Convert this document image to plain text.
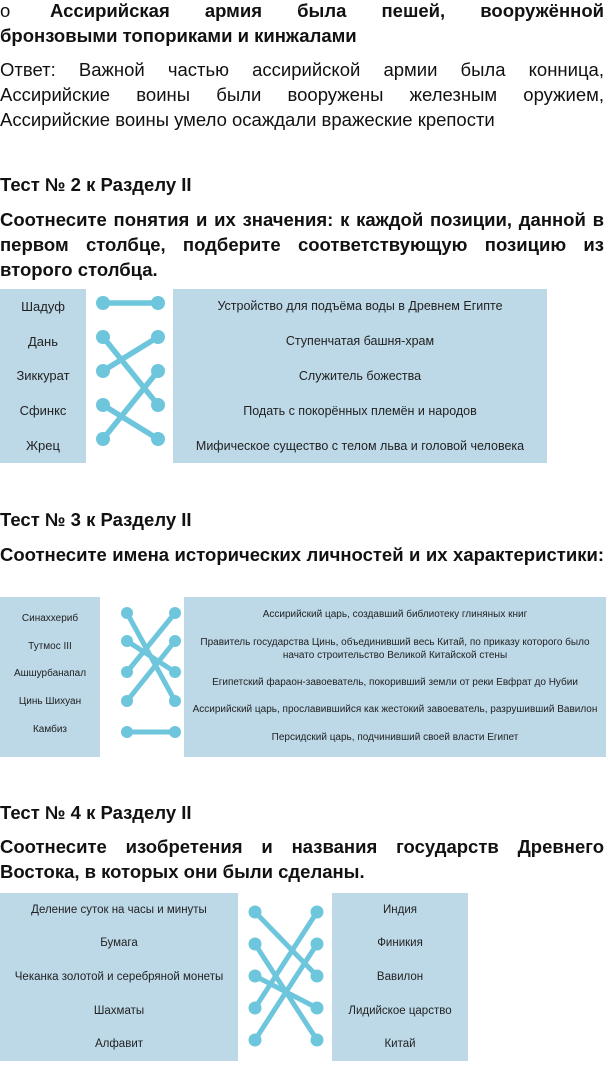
o Ассирийская армия была пешей, вооружённой

бронзовыми топориками и кинжалами

Ответ: Важной частью ассирийской армии была конница, Ассирийские воины были вооружены железным оружием, Ассирийские воины умело осаждали вражеские крепости

Тест № 2 к Разделу II

Соотнесите понятия и их значения: к каждой позиции, данной в первом столбце, подберите соответствующую позицию из второго столбца.

Шадуф
Дань
Зиккурат
Сфинкс
Жрец
Устройство для подъёма воды в Древнем Египте
Ступенчатая башня-храм
Служитель божества
Подать с покорённых племён и народов
Мифическое существо с телом льва и головой человека

Тест № 3 к Разделу II

Соотнесите имена исторических личностей и их характеристики:

Синаххериб
Тутмос III
Ашшурбанапал
Цинь Шихуан
Камбиз
Ассирийский царь, создавший библиотеку глиняных книг
Правитель государства Цинь, объединивший весь Китай, по приказу которого было начато строительство Великой Китайской стены
Египетский фараон-завоеватель, покоривший земли от реки Евфрат до Нубии
Ассирийский царь, прославившийся как жестокий завоеватель, разрушивший Вавилон
Персидский царь, подчинивший своей власти Египет

Тест № 4 к Разделу II

Соотнесите изобретения и названия государств Древнего Востока, в которых они были сделаны.

Деление суток на часы и минуты
Бумага
Чеканка золотой и серебряной монеты
Шахматы
Алфавит
Индия
Финикия
Вавилон
Лидийское царство
Китай
